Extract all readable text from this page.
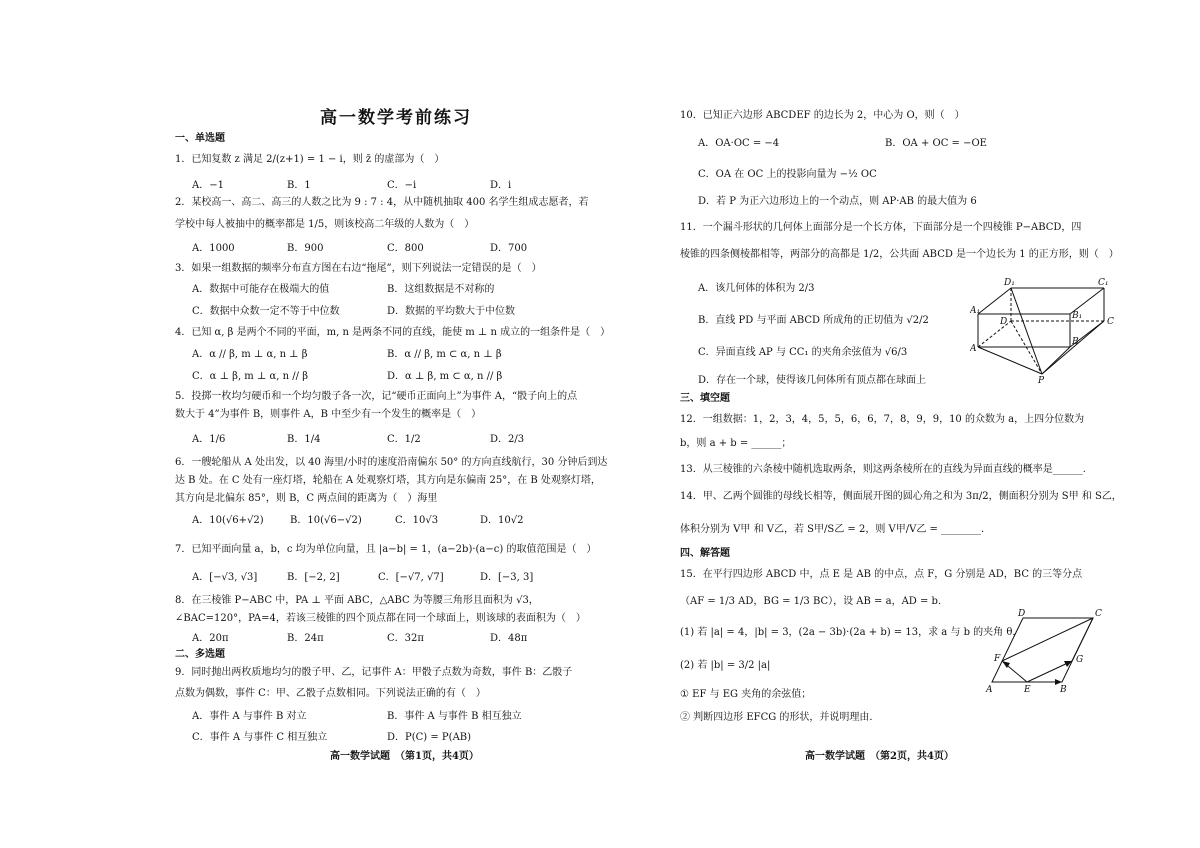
高一数学考前练习
一、单选题
1．已知复数 z 满足 2/(z+1) = 1 − i，则 z̄ 的虚部为（　）
A．−1	B．1	C．−i	D．i
2．某校高一、高二、高三的人数之比为 9 : 7 : 4，从中随机抽取 400 名学生组成志愿者，若
学校中每人被抽中的概率都是 1/5，则该校高二年级的人数为（　）
A．1000	B．900	C．800	D．700
3．如果一组数据的频率分布直方图在右边“拖尾”，则下列说法一定错误的是（　）
A．数据中可能存在极端大的值	B．这组数据是不对称的
C．数据中众数一定不等于中位数	D．数据的平均数大于中位数
4．已知 α, β 是两个不同的平面，m, n 是两条不同的直线，能使 m ⊥ n 成立的一组条件是（　）
A．α // β, m ⊥ α, n ⊥ β	B．α // β, m ⊂ α, n ⊥ β
C．α ⊥ β, m ⊥ α, n // β	D．α ⊥ β, m ⊂ α, n // β
5．投掷一枚均匀硬币和一个均匀骰子各一次，记“硬币正面向上”为事件 A，“骰子向上的点
数大于 4”为事件 B，则事件 A，B 中至少有一个发生的概率是（　）
A．1/6	B．1/4	C．1/2	D．2/3
6．一艘轮船从 A 处出发，以 40 海里/小时的速度沿南偏东 50° 的方向直线航行，30 分钟后到达
达 B 处。在 C 处有一座灯塔，轮船在 A 处观察灯塔，其方向是东偏南 25°，在 B 处观察灯塔，
其方向是北偏东 85°，则 B，C 两点间的距离为（　）海里
A．10(√6+√2)	B．10(√6−√2)	C．10√3	D．10√2
7．已知平面向量 a，b，c 均为单位向量，且 |a−b| = 1，(a−2b)·(a−c) 的取值范围是（　）
A．[−√3, √3]	B．[−2, 2]	C．[−√7, √7]	D．[−3, 3]
8．在三棱锥 P−ABC 中，PA ⊥ 平面 ABC，△ABC 为等腰三角形且面积为 √3，
∠BAC=120°，PA=4，若该三棱锥的四个顶点都在同一个球面上，则该球的表面积为（　）
A．20π	B．24π	C．32π	D．48π
二、多选题
9．同时抛出两枚质地均匀的骰子甲、乙，记事件 A：甲骰子点数为奇数，事件 B：乙骰子
点数为偶数，事件 C：甲、乙骰子点数相同。下列说法正确的有（　）
A．事件 A 与事件 B 对立	B．事件 A 与事件 B 相互独立
C．事件 A 与事件 C 相互独立	D．P(C) = P(AB)
高一数学试题　（第1页，共4页）
10．已知正六边形 ABCDEF 的边长为 2，中心为 O，则（　）
A．OA·OC = −4	B．OA + OC = −OE
C．OA 在 OC 上的投影向量为 −½ OC
D．若 P 为正六边形边上的一个动点，则 AP·AB 的最大值为 6
11．一个漏斗形状的几何体上面部分是一个长方体，下面部分是一个四棱锥 P−ABCD，四
棱锥的四条侧棱都相等，两部分的高都是 1/2，公共面 ABCD 是一个边长为 1 的正方形，则（　）
A．该几何体的体积为 2/3
B．直线 PD 与平面 ABCD 所成角的正切值为 √2/2
C．异面直线 AP 与 CC₁ 的夹角余弦值为 √6/3
D．存在一个球，使得该几何体所有顶点都在球面上
D₁	C₁
A₁
D
B₁
C
A
B
P
三、填空题
12．一组数据：1，2，3，4，5，5，6，6，7，8，9，9，10 的众数为 a，上四分位数为
b，则 a + b = ______；
13．从三棱锥的六条棱中随机选取两条，则这两条棱所在的直线为异面直线的概率是______.
14．甲、乙两个圆锥的母线长相等，侧面展开图的圆心角之和为 3π/2，侧面积分别为 S甲 和 S乙，
体积分别为 V甲 和 V乙，若 S甲/S乙 = 2，则 V甲/V乙 = ________.
四、解答题
15．在平行四边形 ABCD 中，点 E 是 AB 的中点，点 F，G 分别是 AD，BC 的三等分点
（AF = 1/3 AD，BG = 1/3 BC），设 AB = a，AD = b．
(1) 若 |a| = 4，|b| = 3，(2a − 3b)·(2a + b) = 13，求 a 与 b 的夹角 θ．
(2) 若 |b| = 3/2 |a|
① EF 与 EG 夹角的余弦值；
② 判断四边形 EFCG 的形状，并说明理由．
D	C
F	G
A	E	B
高一数学试题　（第2页，共4页）
